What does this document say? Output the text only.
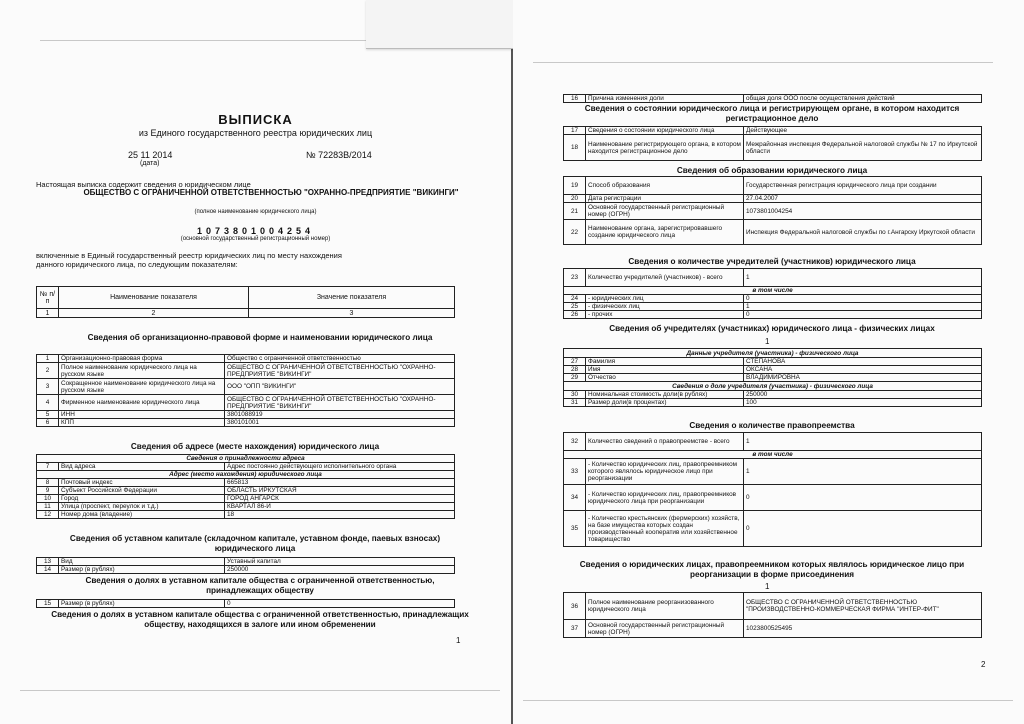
ВЫПИСКА
из Единого государственного реестра юридических лиц
25 11 2014
(дата)
№ 72283В/2014
Настоящая выписка содержит сведения о юридическом лице
ОБЩЕСТВО С ОГРАНИЧЕННОЙ ОТВЕТСТВЕННОСТЬЮ "ОХРАННО-ПРЕДПРИЯТИЕ "ВИКИНГИ"
(полное наименование юридического лица)
1073801004254
(основной государственный регистрационный номер)
включенные в Единый государственный реестр юридических лиц по месту нахождения данного юридического лица, по следующим показателям:
№ п/п	Наименование показателя	Значение показателя
1	2	3
Сведения об организационно-правовой форме и наименовании юридического лица
1	Организационно-правовая форма	Общество с ограниченной ответственностью
2	Полное наименование юридического лица на русском языке	ОБЩЕСТВО С ОГРАНИЧЕННОЙ ОТВЕТСТВЕННОСТЬЮ "ОХРАННО-ПРЕДПРИЯТИЕ "ВИКИНГИ"
3	Сокращенное наименование юридического лица на русском языке	ООО "ОПП "ВИКИНГИ"
4	Фирменное наименование юридического лица	ОБЩЕСТВО С ОГРАНИЧЕННОЙ ОТВЕТСТВЕННОСТЬЮ "ОХРАННО-ПРЕДПРИЯТИЕ "ВИКИНГИ"
5	ИНН	3801088919
6	КПП	380101001
Сведения об адресе (месте нахождения) юридического лица
Сведения о принадлежности адреса		
7	Вид адреса	Адрес постоянно действующего исполнительного органа
Адрес (место нахождения) юридического лица		
8	Почтовый индекс	665813
9	Субъект Российской Федерации	ОБЛАСТЬ ИРКУТСКАЯ
10	Город	ГОРОД АНГАРСК
11	Улица (проспект, переулок и т.д.)	КВАРТАЛ 86-Й
12	Номер дома (владение)	18
Сведения об уставном капитале (складочном капитале, уставном фонде, паевых взносах) юридического лица
13	Вид	Уставный капитал
14	Размер (в рублях)	250000
Сведения о долях в уставном капитале общества с ограниченной ответственностью, принадлежащих обществу
15	Размер (в рублях)	0
Сведения о долях в уставном капитале общества с ограниченной ответственностью, принадлежащих обществу, находящихся в залоге или ином обременении
1
16	Причина изменения доли	общая доля ООО после осуществления действий
Сведения о состоянии юридического лица и регистрирующем органе, в котором находится регистрационное дело
17	Сведения о состоянии юридического лица	Действующее
18	Наименование регистрирующего органа, в котором находится регистрационное дело	Межрайонная инспекция Федеральной налоговой службы № 17 по Иркутской области
Сведения об образовании юридического лица
19	Способ образования	Государственная регистрация юридического лица при создании
20	Дата регистрации	27.04.2007
21	Основной государственный регистрационный номер (ОГРН)	1073801004254
22	Наименование органа, зарегистрировавшего создание юридического лица	Инспекция Федеральной налоговой службы по г.Ангарску Иркутской области
Сведения о количестве учредителей (участников) юридического лица
23	Количество учредителей (участников) - всего	1
в том числе		
24	- юридических лиц	0
25	- физических лиц	1
26	- прочих	0
Сведения об учредителях (участниках) юридического лица - физических лицах
1
Данные учредителя (участника) - физического лица		
27	Фамилия	СТЕПАНОВА
28	Имя	ОКСАНА
29	Отчество	ВЛАДИМИРОВНА
Сведения о доле учредителя (участника) - физического лица		
30	Номинальная стоимость доли(в рублях)	250000
31	Размер доли(в процентах)	100
Сведения о количестве правопреемства
32	Количество сведений о правопреемстве - всего	1
в том числе		
33	- Количество юридических лиц, правопреемником которого являлось юридическое лицо при реорганизации	1
34	- Количество юридических лиц, правопреемников юридического лица при реорганизации	0
35	- Количество крестьянских (фермерских) хозяйств, на базе имущества которых создан производственный кооператив или хозяйственное товарищество	0
Сведения о юридических лицах, правопреемником которых являлось юридическое лицо при реорганизации в форме присоединения
1
36	Полное наименование реорганизованного юридического лица	ОБЩЕСТВО С ОГРАНИЧЕННОЙ ОТВЕТСТВЕННОСТЬЮ "ПРОИЗВОДСТВЕННО-КОММЕРЧЕСКАЯ ФИРМА "ИНТЕР-ФИТ"
37	Основной государственный регистрационный номер (ОГРН)	1023800525495
2
